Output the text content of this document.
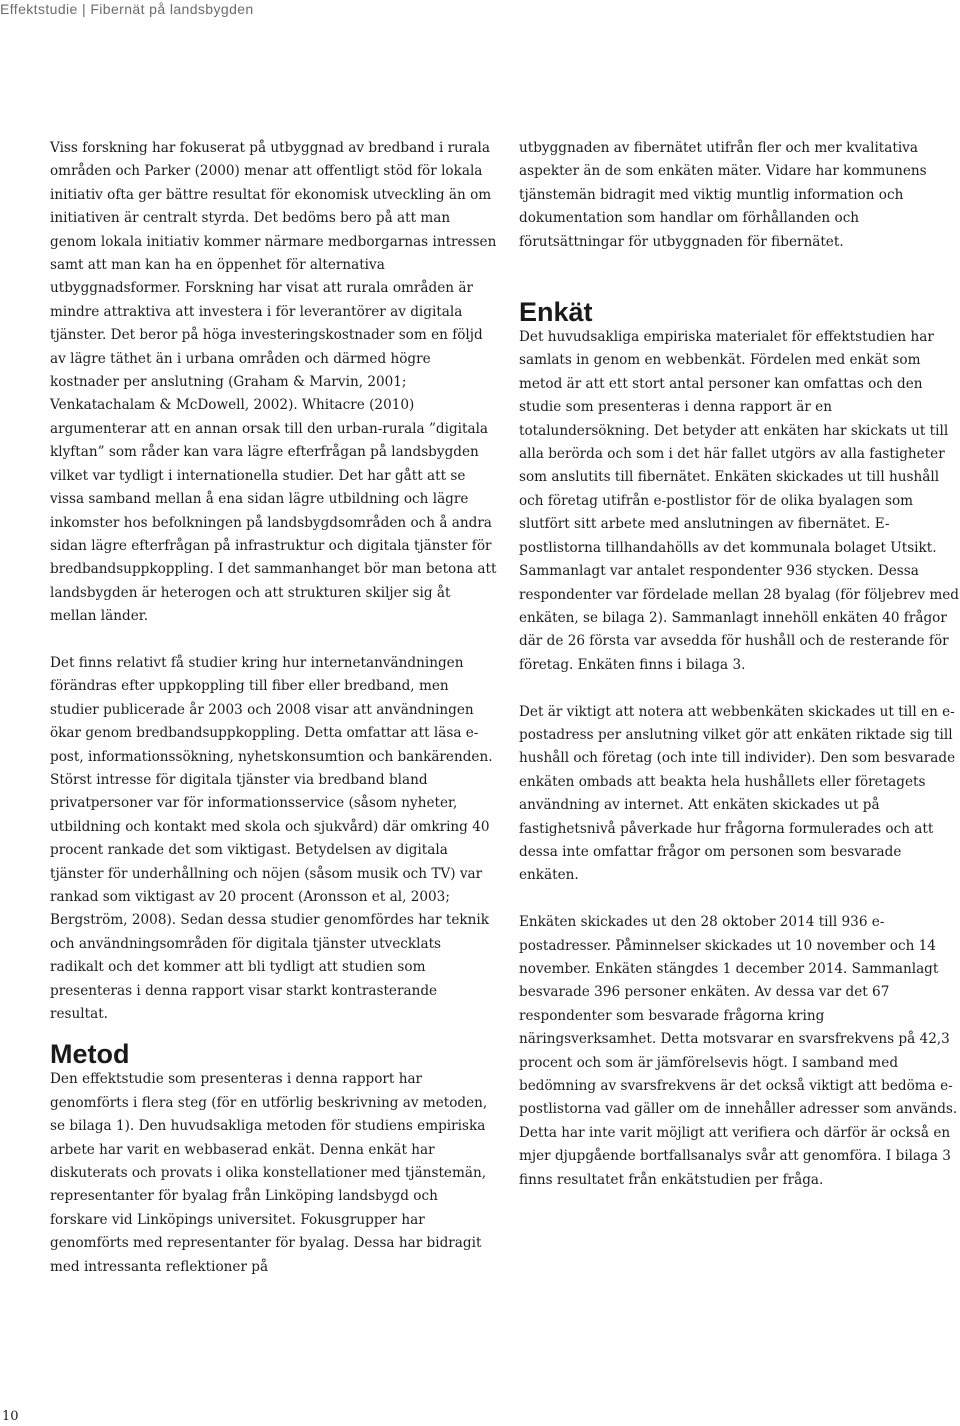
Effektstudie | Fibernät på landsbygden

Viss forskning har fokuserat på utbyggnad av bredband i rurala områden och Parker (2000) menar att offentligt stöd för lokala initiativ ofta ger bättre resultat för ekonomisk utveckling än om initiativen är centralt styrda. Det bedöms bero på att man genom lokala initiativ kommer närmare medborgarnas intressen samt att man kan ha en öppenhet för alternativa utbyggnadsformer. Forskning har visat att rurala områden är mindre attraktiva att investera i för leverantörer av digitala tjänster. Det beror på höga investeringskostnader som en följd av lägre täthet än i urbana områden och därmed högre kostnader per anslutning (Graham & Marvin, 2001; Venkatachalam & McDowell, 2002). Whitacre (2010) argumenterar att en annan orsak till den urban-rurala ”digitala klyftan” som råder kan vara lägre efterfrågan på landsbygden vilket var tydligt i internationella studier. Det har gått att se vissa samband mellan å ena sidan lägre utbildning och lägre inkomster hos befolkningen på landsbygdsområden och å andra sidan lägre efterfrågan på infrastruktur och digitala tjänster för bredbandsuppkoppling. I det sammanhanget bör man betona att landsbygden är heterogen och att strukturen skiljer sig åt mellan länder.

Det finns relativt få studier kring hur internetanvändningen förändras efter uppkoppling till fiber eller bredband, men studier publicerade år 2003 och 2008 visar att användningen ökar genom bredbandsuppkoppling. Detta omfattar att läsa e-post, informationssökning, nyhetskonsumtion och bankärenden. Störst intresse för digitala tjänster via bredband bland privatpersoner var för informationsservice (såsom nyheter, utbildning och kontakt med skola och sjukvård) där omkring 40 procent rankade det som viktigast. Betydelsen av digitala tjänster för underhållning och nöjen (såsom musik och TV) var rankad som viktigast av 20 procent (Aronsson et al, 2003; Bergström, 2008). Sedan dessa studier genomfördes har teknik och användningsområden för digitala tjänster utvecklats radikalt och det kommer att bli tydligt att studien som presenteras i denna rapport visar starkt kontrasterande resultat.

Metod

Den effektstudie som presenteras i denna rapport har genomförts i flera steg (för en utförlig beskrivning av metoden, se bilaga 1). Den huvudsakliga metoden för studiens empiriska arbete har varit en webbaserad enkät. Denna enkät har diskuterats och provats i olika konstellationer med tjänstemän, representanter för byalag från Linköping landsbygd och forskare vid Linköpings universitet. Fokusgrupper har genomförts med representanter för byalag. Dessa har bidragit med intressanta reflektioner på

utbyggnaden av fibernätet utifrån fler och mer kvalitativa aspekter än de som enkäten mäter. Vidare har kommunens tjänstemän bidragit med viktig muntlig information och dokumentation som handlar om förhållanden och förutsättningar för utbyggnaden för fibernätet.

Enkät

Det huvudsakliga empiriska materialet för effektstudien har samlats in genom en webbenkät. Fördelen med enkät som metod är att ett stort antal personer kan omfattas och den studie som presenteras i denna rapport är en totalundersökning. Det betyder att enkäten har skickats ut till alla berörda och som i det här fallet utgörs av alla fastigheter som anslutits till fibernätet. Enkäten skickades ut till hushåll och företag utifrån e-postlistor för de olika byalagen som slutfört sitt arbete med anslutningen av fibernätet. E-postlistorna tillhandahölls av det kommunala bolaget Utsikt. Sammanlagt var antalet respondenter 936 stycken. Dessa respondenter var fördelade mellan 28 byalag (för följebrev med enkäten, se bilaga 2). Sammanlagt innehöll enkäten 40 frågor där de 26 första var avsedda för hushåll och de resterande för företag. Enkäten finns i bilaga 3.

Det är viktigt att notera att webbenkäten skickades ut till en e-postadress per anslutning vilket gör att enkäten riktade sig till hushåll och företag (och inte till individer). Den som besvarade enkäten ombads att beakta hela hushållets eller företagets användning av internet. Att enkäten skickades ut på fastighetsnivå påverkade hur frågorna formulerades och att dessa inte omfattar frågor om personen som besvarade enkäten.

Enkäten skickades ut den 28 oktober 2014 till 936 e-postadresser. Påminnelser skickades ut 10 november och 14 november. Enkäten stängdes 1 december 2014. Sammanlagt besvarade 396 personer enkäten. Av dessa var det 67 respondenter som besvarade frågorna kring näringsverksamhet. Detta motsvarar en svarsfrekvens på 42,3 procent och som är jämförelsevis högt. I samband med bedömning av svarsfrekvens är det också viktigt att bedöma e-postlistorna vad gäller om de innehåller adresser som används. Detta har inte varit möjligt att verifiera och därför är också en mjer djupgående bortfallsanalys svår att genomföra. I bilaga 3 finns resultatet från enkätstudien per fråga.

10
